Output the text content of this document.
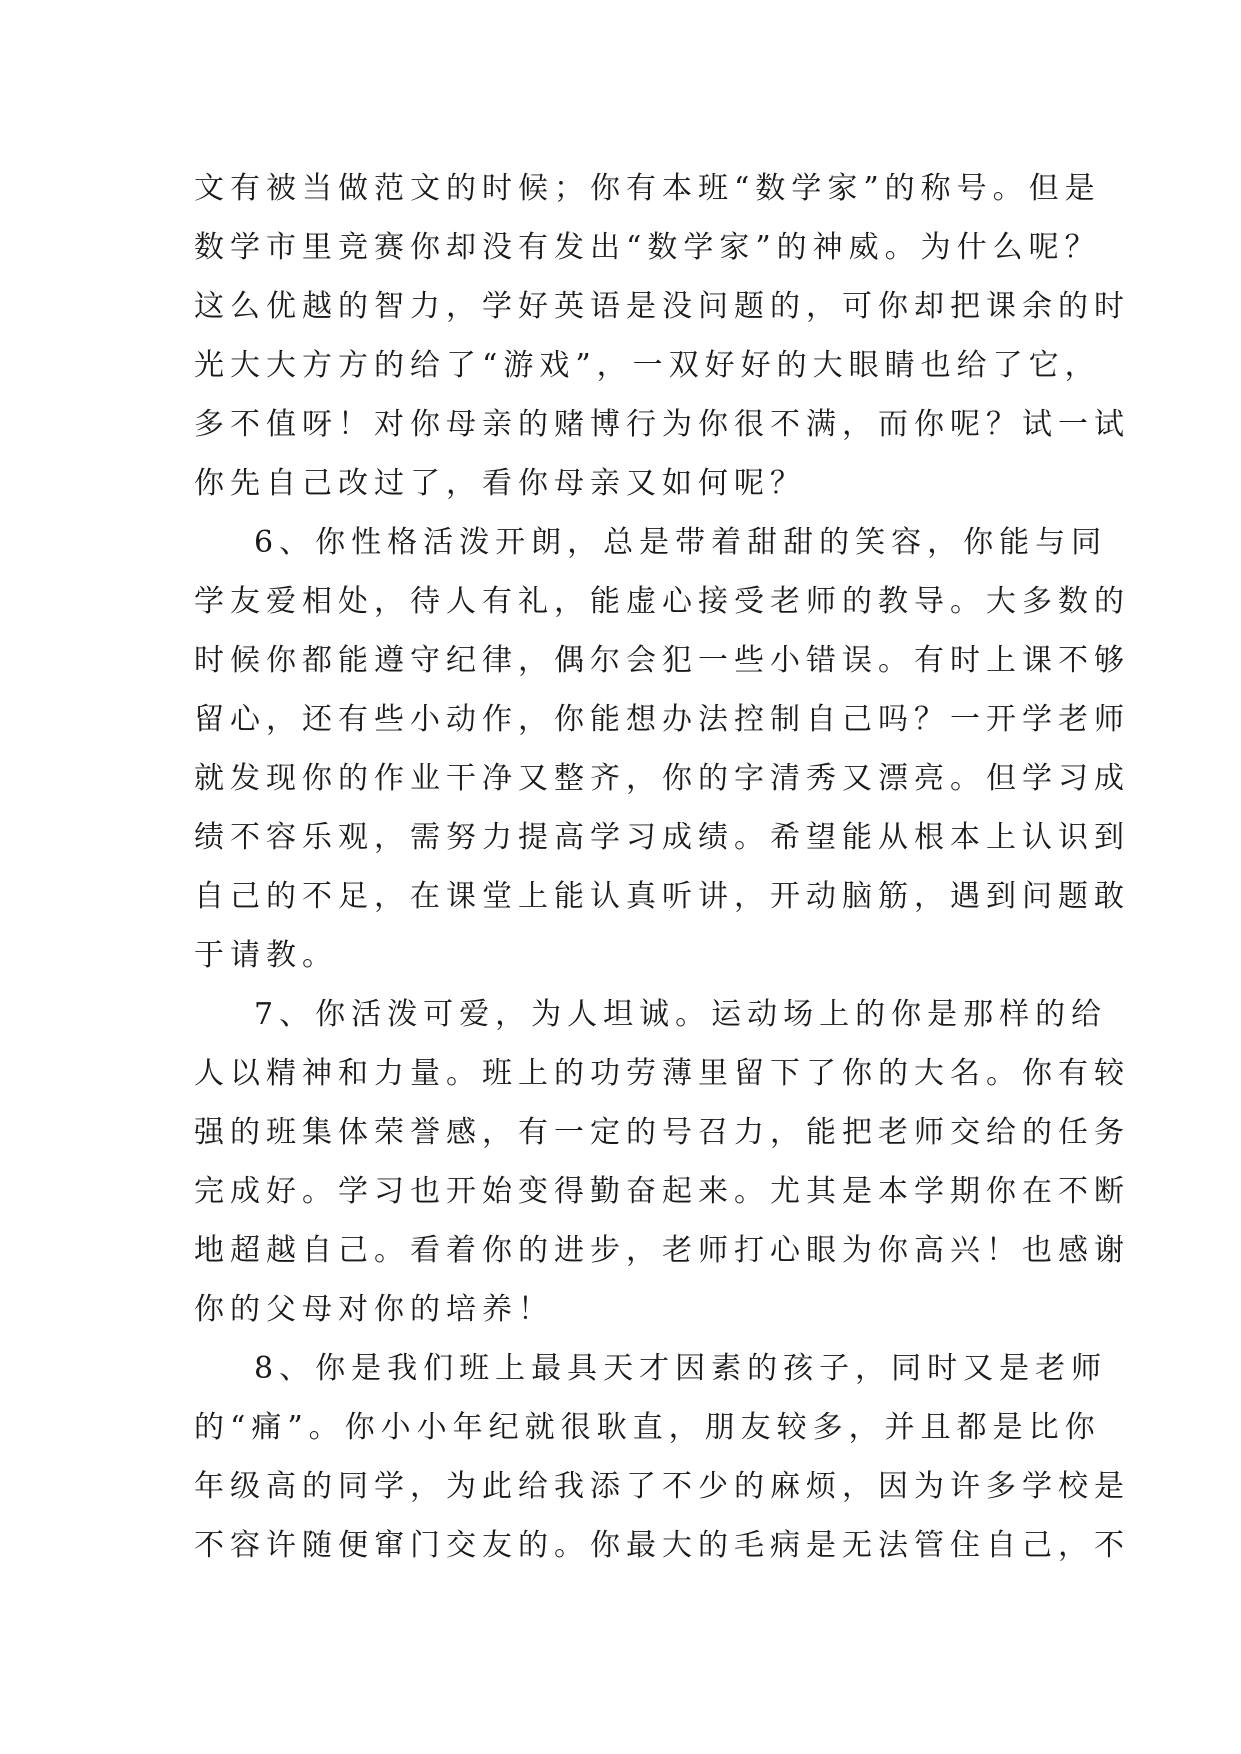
文有被当做范文的时候；你有本班“数学家”的称号。但是
数学市里竞赛你却没有发出“数学家”的神威。为什么呢？
这么优越的智力，学好英语是没问题的，可你却把课余的时
光大大方方的给了“游戏”，一双好好的大眼睛也给了它，
多不值呀！对你母亲的赌博行为你很不满，而你呢？试一试
你先自己改过了，看你母亲又如何呢？
6、你性格活泼开朗，总是带着甜甜的笑容，你能与同
学友爱相处，待人有礼，能虚心接受老师的教导。大多数的
时候你都能遵守纪律，偶尔会犯一些小错误。有时上课不够
留心，还有些小动作，你能想办法控制自己吗？一开学老师
就发现你的作业干净又整齐，你的字清秀又漂亮。但学习成
绩不容乐观，需努力提高学习成绩。希望能从根本上认识到
自己的不足，在课堂上能认真听讲，开动脑筋，遇到问题敢
于请教。
7、你活泼可爱，为人坦诚。运动场上的你是那样的给
人以精神和力量。班上的功劳薄里留下了你的大名。你有较
强的班集体荣誉感，有一定的号召力，能把老师交给的任务
完成好。学习也开始变得勤奋起来。尤其是本学期你在不断
地超越自己。看着你的进步，老师打心眼为你高兴！也感谢
你的父母对你的培养！
8、你是我们班上最具天才因素的孩子，同时又是老师
的“痛”。你小小年纪就很耿直，朋友较多，并且都是比你
年级高的同学，为此给我添了不少的麻烦，因为许多学校是
不容许随便窜门交友的。你最大的毛病是无法管住自己，不
